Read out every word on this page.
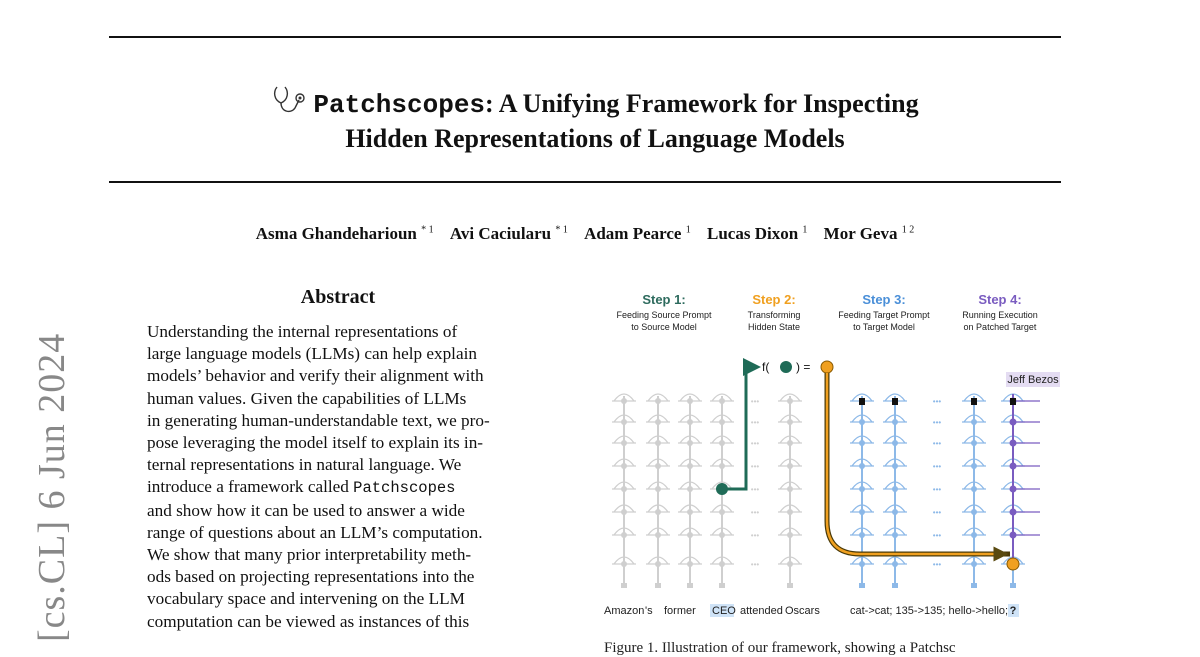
Patchscopes: A Unifying Framework for Inspecting
Hidden Representations of Language Models
Asma Ghandeharioun $^{* 1}$ Avi Caciularu $^{* 1}$ Adam Pearce $^1$ Lucas Dixon $^1$ Mor Geva $^{1 2}$
[cs.CL] 6 Jun 2024
Abstract
Understanding the internal representations of
large language models (LLMs) can help explain
models’ behavior and verify their alignment with
human values. Given the capabilities of LLMs
in generating human-understandable text, we pro-
pose leveraging the model itself to explain its in-
ternal representations in natural language. We
introduce a framework called Patchscopes
and show how it can be used to answer a wide
range of questions about an LLM’s computation.
We show that many prior interpretability meth-
ods based on projecting representations into the
vocabulary space and intervening on the LLM
computation can be viewed as instances of this
Step 1:
Feeding Source Prompt
to Source Model
Step 2:
Transforming
Hidden State
Step 3:
Feeding Target Prompt
to Target Model
Step 4:
Running Execution
on Patched Target
•••
•••
•••
•••
•••
•••
•••
•••
•••
•••
•••
•••
•••
•••
•••
•••
f( ) =
Jeff Bezos
Amazon 's former CEO attended Oscars	cat->cat; 135->135; hello->hello; ?
Figure 1. Illustration of our framework, showing a Patchsc
